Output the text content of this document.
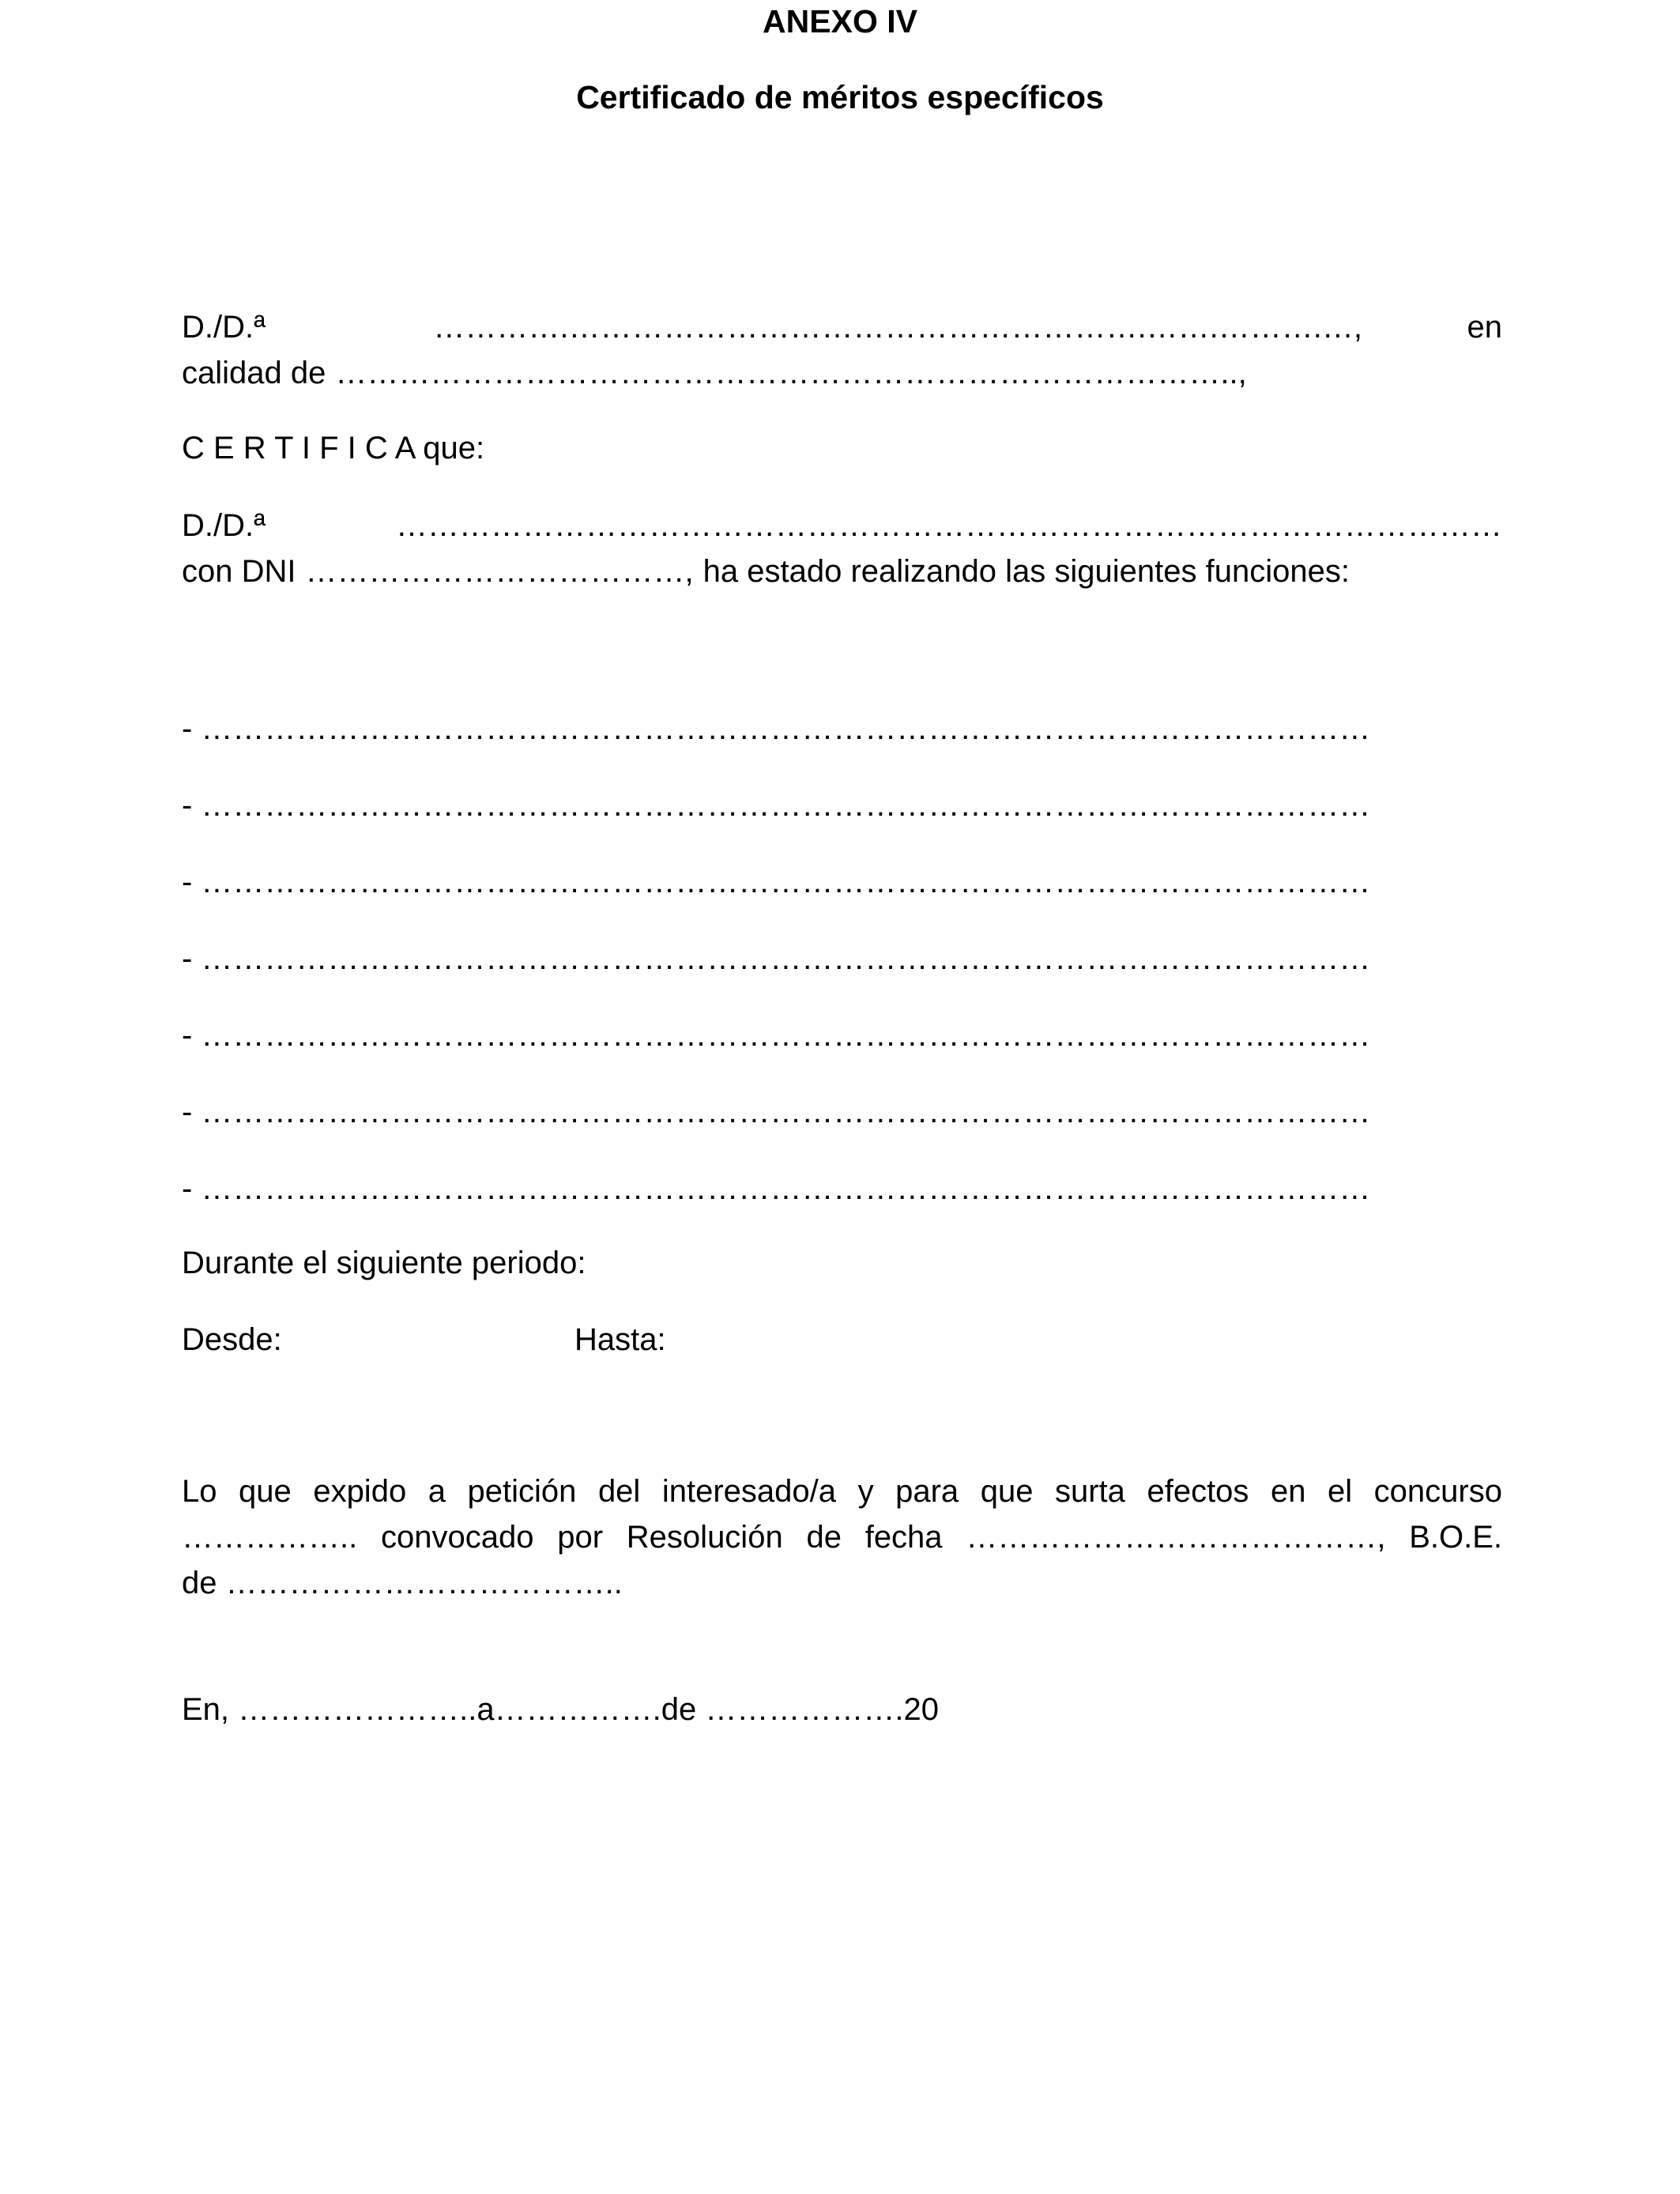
ANEXO IV
Certificado de méritos específicos
D./D.ª	………….……………………………………………….…….……….…,	en
calidad de …………………………………………………………………………..,
C E R T I F I C A que:
D./D.ª	……………………………………………………………………………………………
con DNI ………………………………, ha estado realizando las siguientes funciones:
- …………………………………………………………………………………………………
- …………………………………………………………………………………………………
- …………………………………………………………………………………………………
- …………………………………………………………………………………………………
- …………………………………………………………………………………………………
- …………………………………………………………………………………………………
- …………………………………………………………………………………………………
Durante el siguiente periodo:
Desde:	Hasta:
Lo que expido a petición del interesado/a y para que surta efectos en el concurso
…………….. convocado por Resolución de fecha …………………………………, B.O.E.
de ………………………………..
En, …………………..a…………….de ……………….20
